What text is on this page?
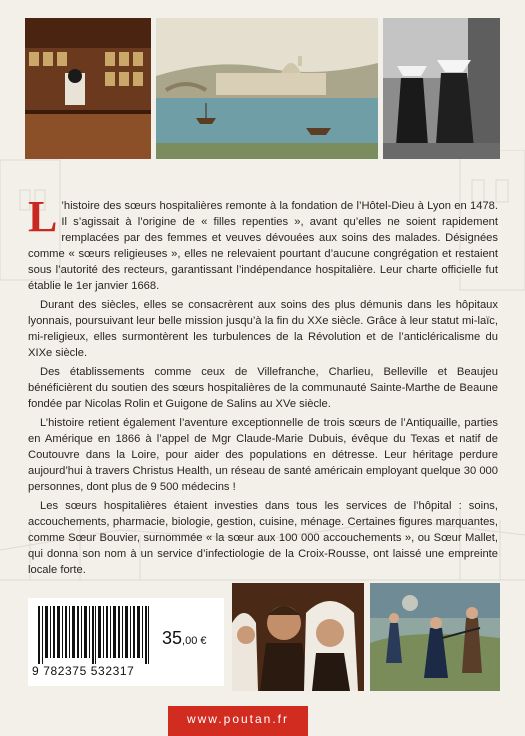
L ’histoire des sœurs hospitalières remonte à la fondation de l’Hôtel-Dieu à Lyon en 1478. Il s’agissait à l’origine de « filles repenties », avant qu’elles ne soient rapidement remplacées par des femmes et veuves dévouées aux soins des malades. Désignées comme « sœurs religieuses », elles ne relevaient pourtant d’aucune congrégation et restaient sous l’autorité des recteurs, garantissant l’indépendance hospitalière. Leur charte officielle fut établie le 1er janvier 1668.

Durant des siècles, elles se consacrèrent aux soins des plus démunis dans les hôpitaux lyonnais, poursuivant leur belle mission jusqu’à la fin du XXe siècle. Grâce à leur statut mi-laïc, mi-religieux, elles surmontèrent les turbulences de la Révolution et de l’anticléricalisme du XIXe siècle.

Des établissements comme ceux de Villefranche, Charlieu, Belleville et Beaujeu bénéficièrent du soutien des sœurs hospitalières de la communauté Sainte-Marthe de Beaune fondée par Nicolas Rolin et Guigone de Salins au XVe siècle.

L’histoire retient également l’aventure exceptionnelle de trois sœurs de l’Antiquaille, parties en Amérique en 1866 à l’appel de Mgr Claude-Marie Dubuis, évêque du Texas et natif de Coutouvre dans la Loire, pour aider des populations en détresse. Leur héritage perdure aujourd’hui à travers Christus Health, un réseau de santé américain employant quelque 30 000 personnes, dont plus de 9 500 médecins !

Les sœurs hospitalières étaient investies dans tous les services de l’hôpital : soins, accouchements, pharmacie, biologie, gestion, cuisine, ménage. Certaines figures marquantes, comme Sœur Bouvier, surnommée « la sœur aux 100 000 accouchements », ou Sœur Mallet, qui donna son nom à un service d’infectiologie de la Croix-Rousse, ont laissé une empreinte locale forte.

9 782375 532317
35,00 €
www.poutan.fr
